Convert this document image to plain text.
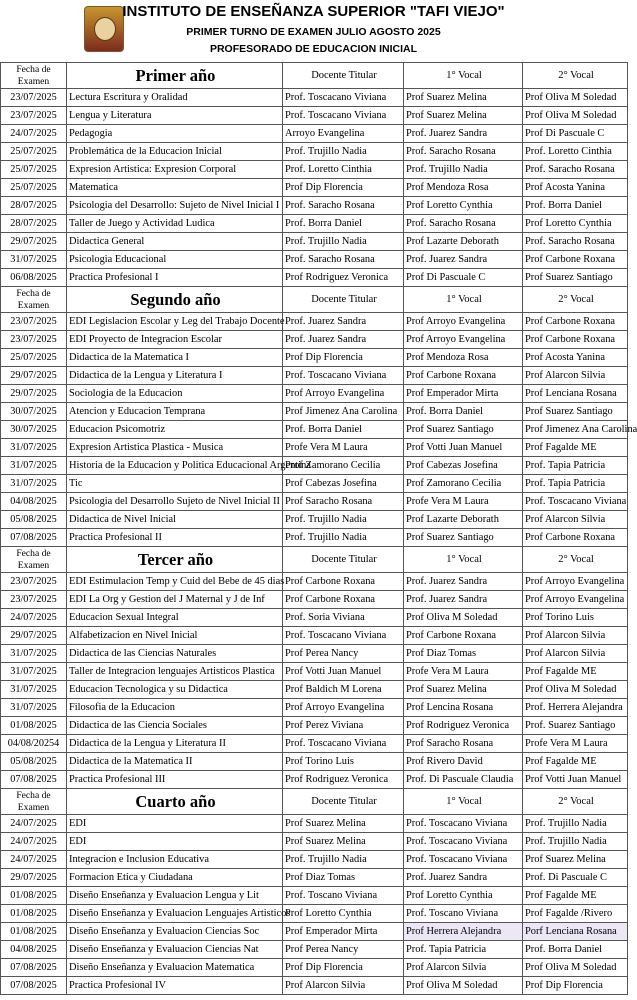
INSTITUTO DE ENSEÑANZA SUPERIOR "TAFI VIEJO"
PRIMER TURNO DE EXAMEN JULIO AGOSTO 2025
PROFESORADO DE EDUCACION INICIAL
Fecha de Examen	Primer año	Docente Titular	1° Vocal	2° Vocal
23/07/2025	Lectura Escritura y Oralidad	Prof. Toscacano Viviana	Prof Suarez Melina	Prof Oliva M Soledad
23/07/2025	Lengua y Literatura	Prof. Toscacano Viviana	Prof Suarez Melina	Prof Oliva M Soledad
24/07/2025	Pedagogia	Arroyo Evangelina	Prof. Juarez Sandra	Prof Di Pascuale C
25/07/2025	Problemática de la Educacion Inicial	Prof. Trujillo Nadia	Prof. Saracho Rosana	Prof. Loretto Cinthia
25/07/2025	Expresion Artistica: Expresion Corporal	Prof. Loretto Cinthia	Prof. Trujillo Nadia	Prof. Saracho Rosana
25/07/2025	Matematica	Prof Dip Florencia	Prof Mendoza Rosa	Prof Acosta Yanina
28/07/2025	Psicologia del Desarrollo: Sujeto de Nivel Inicial I	Prof. Saracho Rosana	Prof Loretto Cynthia	Prof. Borra Daniel
28/07/2025	Taller de Juego y Actividad Ludica	Prof. Borra Daniel	Prof. Saracho Rosana	Prof Loretto Cynthia
29/07/2025	Didactica General	Prof. Trujillo Nadia	Prof Lazarte Deborath	Prof. Saracho Rosana
31/07/2025	Psicologia Educacional	Prof. Saracho Rosana	Prof. Juarez Sandra	Prof Carbone Roxana
06/08/2025	Practica Profesional I	Prof Rodriguez Veronica	Prof Di Pascuale C	Prof Suarez Santiago
Fecha de Examen	Segundo año	Docente Titular	1° Vocal	2° Vocal
23/07/2025	EDI Legislacion Escolar y Leg del Trabajo Docente	Prof. Juarez Sandra	Prof Arroyo Evangelina	Prof Carbone Roxana
23/07/2025	EDI Proyecto de Integracion Escolar	Prof. Juarez Sandra	Prof Arroyo Evangelina	Prof Carbone Roxana
25/07/2025	Didactica de la Matematica I	Prof Dip Florencia	Prof Mendoza Rosa	Prof Acosta Yanina
29/07/2025	Didactica de la Lengua y Literatura I	Prof. Toscacano Viviana	Prof Carbone Roxana	Prof Alarcon Silvia
29/07/2025	Sociologia de la Educacion	Prof Arroyo Evangelina	Prof Emperador Mirta	Prof Lenciana Rosana
30/07/2025	Atencion y Educacion Temprana	Prof Jimenez Ana Carolina	Prof. Borra Daniel	Prof Suarez Santiago
30/07/2025	Educacion Psicomotriz	Prof. Borra Daniel	Prof Suarez Santiago	Prof Jimenez Ana Carolina
31/07/2025	Expresion Artistica Plastica - Musica	Profe Vera M Laura	Prof Votti Juan Manuel	Prof Fagalde ME
31/07/2025	Historia de la Educacion y Politica Educacional Argentina	Prof Zamorano Cecilia	Prof Cabezas Josefina	Prof. Tapia Patricia
31/07/2025	Tic	Prof Cabezas Josefina	Prof Zamorano Cecilia	Prof. Tapia Patricia
04/08/2025	Psicologia del Desarrollo Sujeto de Nivel Inicial II	Prof Saracho Rosana	Profe Vera M Laura	Prof. Toscacano Viviana
05/08/2025	Didactica de Nivel Inicial	Prof. Trujillo Nadia	Prof Lazarte Deborath	Prof Alarcon Silvia
07/08/2025	Practica Profesional II	Prof. Trujillo Nadia	Prof Suarez Santiago	Prof Carbone Roxana
Fecha de Examen	Tercer año	Docente Titular	1° Vocal	2° Vocal
23/07/2025	EDI Estimulacion Temp y Cuid del Bebe de 45 dias	Prof Carbone Roxana	Prof. Juarez Sandra	Prof Arroyo Evangelina
23/07/2025	EDI La Org y Gestion del J Maternal y J de Inf	Prof Carbone Roxana	Prof. Juarez Sandra	Prof Arroyo Evangelina
24/07/2025	Educacion Sexual Integral	Prof. Soria Viviana	Prof Oliva M Soledad	Prof Torino Luis
29/07/2025	Alfabetizacion en Nivel Inicial	Prof. Toscacano Viviana	Prof Carbone Roxana	Prof Alarcon Silvia
31/07/2025	Didactica de las Ciencias Naturales	Prof Perea Nancy	Prof Diaz Tomas	Prof Alarcon Silvia
31/07/2025	Taller de Integracion lenguajes Artisticos Plastica	Prof Votti Juan Manuel	Profe Vera M Laura	Prof Fagalde ME
31/07/2025	Educacion Tecnologica y su Didactica	Prof Baldich M Lorena	Prof Suarez Melina	Prof Oliva M Soledad
31/07/2025	Filosofia de la Educacion	Prof Arroyo Evangelina	Prof Lencina Rosana	Prof. Herrera Alejandra
01/08/2025	Didactica de las Ciencia Sociales	Prof Perez Viviana	Prof Rodriguez Veronica	Prof. Suarez Santiago
04/08/20254	Didactica de la Lengua y Literatura II	Prof. Toscacano Viviana	Prof Saracho Rosana	Profe Vera M Laura
05/08/2025	Didactica de la Matematica II	Prof Torino Luis	Prof Rivero David	Prof Fagalde ME
07/08/2025	Practica Profesional III	Prof Rodriguez Veronica	Prof. Di Pascuale Claudia	Prof Votti Juan Manuel
Fecha de Examen	Cuarto año	Docente Titular	1° Vocal	2° Vocal
24/07/2025	EDI	Prof Suarez Melina	Prof. Toscacano Viviana	Prof. Trujillo Nadia
24/07/2025	EDI	Prof Suarez Melina	Prof. Toscacano Viviana	Prof. Trujillo Nadia
24/07/2025	Integracion e Inclusion Educativa	Prof. Trujillo Nadia	Prof. Toscacano Viviana	Prof Suarez Melina
29/07/2025	Formacion Etica y Ciudadana	Prof Diaz Tomas	Prof. Juarez Sandra	Prof. Di Pascuale C
01/08/2025	Diseño Enseñanza y Evaluacion Lengua y Lit	Prof. Toscano Viviana	Prof Loretto Cynthia	Prof Fagalde ME
01/08/2025	Diseño Enseñanza y Evaluacion Lenguajes Artisticos	Prof Loretto Cynthia	Prof. Toscano Viviana	Prof Fagalde /Rivero
01/08/2025	Diseño Enseñanza y Evaluacion Ciencias Soc	Prof Emperador Mirta	Prof Herrera Alejandra	Porf Lenciana Rosana
04/08/2025	Diseño Enseñanza y Evaluacion Ciencias Nat	Prof Perea Nancy	Prof. Tapia Patricia	Prof. Borra Daniel
07/08/2025	Diseño Enseñanza y Evaluacion Matematica	Prof Dip Florencia	Prof Alarcon Silvia	Prof Oliva M Soledad
07/08/2025	Practica Profesional IV	Prof Alarcon Silvia	Prof Oliva M Soledad	Prof Dip Florencia
